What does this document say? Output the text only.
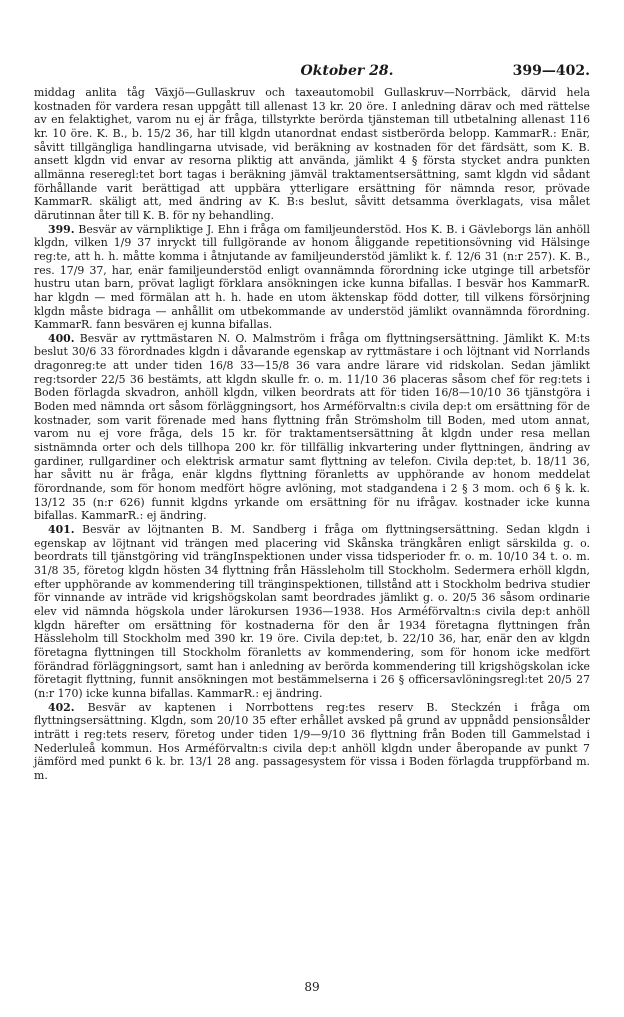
Oktober 28.	399—402.

middag anlita tåg Växjö—Gullaskruv och taxeautomobil Gullaskruv—Norrbäck, därvid hela kostnaden för vardera resan uppgått till allenast 13 kr. 20 öre. I anledning därav och med rättelse av en felaktighet, varom nu ej är fråga, tillstyrkte berörda tjänsteman till utbetalning allenast 116 kr. 10 öre. K. B., b. 15/2 36, har till klgdn utanordnat endast sistberörda belopp. KammarR.: Enär, såvitt tillgängliga handlingarna utvisade, vid beräkning av kostnaden för det färdsätt, som K. B. ansett klgdn vid envar av resorna pliktig att använda, jämlikt 4 § första stycket andra punkten allmänna reseregl:tet bort tagas i beräkning jämväl traktamentsersättning, samt klgdn vid sådant förhållande varit berättigad att uppbära ytterligare ersättning för nämnda resor, prövade KammarR. skäligt att, med ändring av K. B:s beslut, såvitt detsamma överklagats, visa målet därutinnan åter till K. B. för ny behandling.

399. Besvär av värnpliktige J. Ehn i fråga om familjeunderstöd. Hos K. B. i Gävleborgs län anhöll klgdn, vilken 1/9 37 inryckt till fullgörande av honom åliggande repetitionsövning vid Hälsinge reg:te, att h. h. måtte komma i åtnjutande av familjeunderstöd jämlikt k. f. 12/6 31 (n:r 257). K. B., res. 17/9 37, har, enär familjeunderstöd enligt ovannämnda förordning icke utginge till arbetsför hustru utan barn, prövat lagligt förklara ansökningen icke kunna bifallas. I besvär hos KammarR. har klgdn — med förmälan att h. h. hade en utom äktenskap född dotter, till vilkens försörjning klgdn måste bidraga — anhållit om utbekommande av understöd jämlikt ovannämnda förordning. KammarR. fann besvären ej kunna bifallas.

400. Besvär av ryttmästaren N. O. Malmström i fråga om flyttningsersättning. Jämlikt K. M:ts beslut 30/6 33 förordnades klgdn i dåvarande egenskap av ryttmästare i och löjtnant vid Norrlands dragonreg:te att under tiden 16/8 33—15/8 36 vara andre lärare vid ridskolan. Sedan jämlikt reg:tsorder 22/5 36 bestämts, att klgdn skulle fr. o. m. 11/10 36 placeras såsom chef för reg:tets i Boden förlagda skvadron, anhöll klgdn, vilken beordrats att för tiden 16/8—10/10 36 tjänstgöra i Boden med nämnda ort såsom förläggningsort, hos Arméförvaltn:s civila dep:t om ersättning för de kostnader, som varit förenade med hans flyttning från Strömsholm till Boden, med utom annat, varom nu ej vore fråga, dels 15 kr. för traktamentsersättning åt klgdn under resa mellan sistnämnda orter och dels tillhopa 200 kr. för tillfällig inkvartering under flyttningen, ändring av gardiner, rullgardiner och elektrisk armatur samt flyttning av telefon. Civila dep:tet, b. 18/11 36, har såvitt nu är fråga, enär klgdns flyttning föranletts av upphörande av honom meddelat förordnande, som för honom medfört högre avlöning, mot stadgandena i 2 § 3 mom. och 6 § k. k. 13/12 35 (n:r 626) funnit klgdns yrkande om ersättning för nu ifrågav. kostnader icke kunna bifallas. KammarR.: ej ändring.

401. Besvär av löjtnanten B. M. Sandberg i fråga om flyttningsersättning. Sedan klgdn i egenskap av löjtnant vid trängen med placering vid Skånska trängkåren enligt särskilda g. o. beordrats till tjänstgöring vid trängInspektionen under vissa tidsperioder fr. o. m. 10/10 34 t. o. m. 31/8 35, företog klgdn hösten 34 flyttning från Hässleholm till Stockholm. Sedermera erhöll klgdn, efter upphörande av kommendering till tränginspektionen, tillstånd att i Stockholm bedriva studier för vinnande av inträde vid krigshögskolan samt beordrades jämlikt g. o. 20/5 36 såsom ordinarie elev vid nämnda högskola under lärokursen 1936—1938. Hos Arméförvaltn:s civila dep:t anhöll klgdn härefter om ersättning för kostnaderna för den år 1934 företagna flyttningen från Hässleholm till Stockholm med 390 kr. 19 öre. Civila dep:tet, b. 22/10 36, har, enär den av klgdn företagna flyttningen till Stockholm föranletts av kommendering, som för honom icke medfört förändrad förläggningsort, samt han i anledning av berörda kommendering till krigshögskolan icke företagit flyttning, funnit ansökningen mot bestämmelserna i 26 § officersavlöningsregl:tet 20/5 27 (n:r 170) icke kunna bifallas. KammarR.: ej ändring.

402. Besvär av kaptenen i Norrbottens reg:tes reserv B. Steckzén i fråga om flyttningsersättning. Klgdn, som 20/10 35 efter erhållet avsked på grund av uppnådd pensionsålder inträtt i reg:tets reserv, företog under tiden 1/9—9/10 36 flyttning från Boden till Gammelstad i Nederluleå kommun. Hos Arméförvaltn:s civila dep:t anhöll klgdn under åberopande av punkt 7 jämförd med punkt 6 k. br. 13/1 28 ang. passagesystem för vissa i Boden förlagda truppförband m. m.

89
